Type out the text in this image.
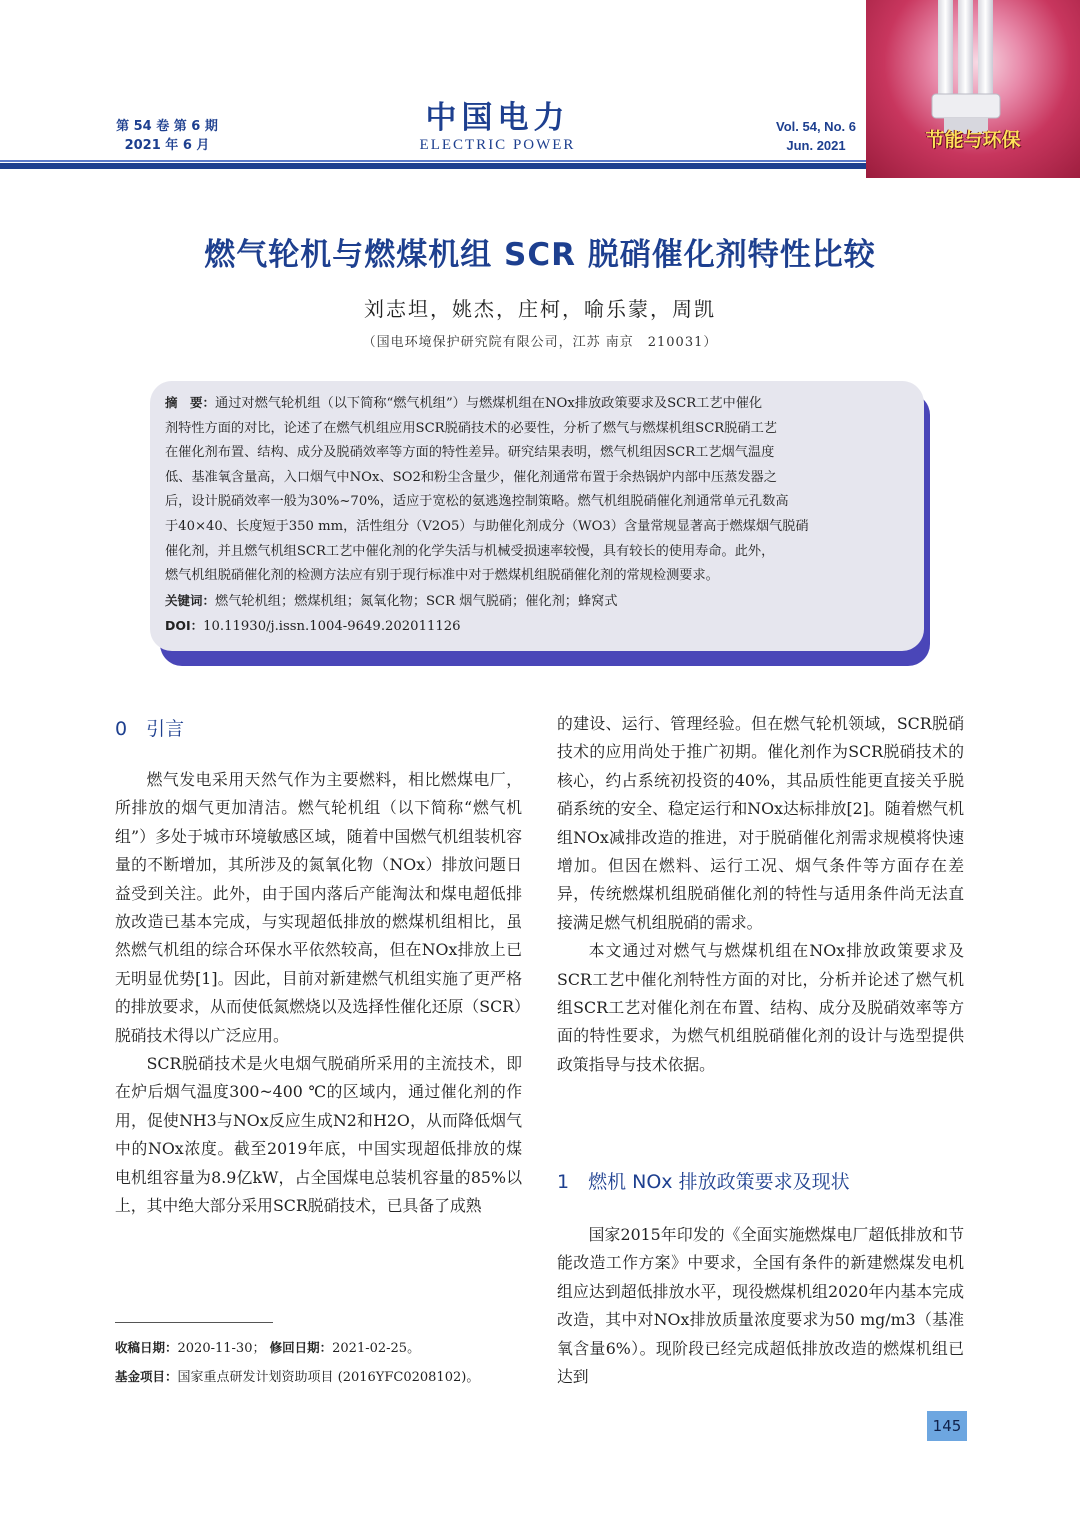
第 54 卷 第 6 期
2021 年 6 月
中国电力
ELECTRIC POWER
Vol. 54, No. 6
Jun. 2021	节能与环保
燃气轮机与燃煤机组 SCR 脱硝催化剂特性比较
刘志坦，姚杰，庄柯，喻乐蒙，周凯
（国电环境保护研究院有限公司，江苏 南京　210031）
摘　要：通过对燃气轮机组（以下简称“燃气机组”）与燃煤机组在NOx排放政策要求及SCR工艺中催化
剂特性方面的对比，论述了在燃气机组应用SCR脱硝技术的必要性，分析了燃气与燃煤机组SCR脱硝工艺
在催化剂布置、结构、成分及脱硝效率等方面的特性差异。研究结果表明，燃气机组因SCR工艺烟气温度
低、基准氧含量高，入口烟气中NOx、SO2和粉尘含量少，催化剂通常布置于余热锅炉内部中压蒸发器之
后，设计脱硝效率一般为30%~70%，适应于宽松的氨逃逸控制策略。燃气机组脱硝催化剂通常单元孔数高
于40×40、长度短于350 mm，活性组分（V2O5）与助催化剂成分（WO3）含量常规显著高于燃煤烟气脱硝
催化剂，并且燃气机组SCR工艺中催化剂的化学失活与机械受损速率较慢，具有较长的使用寿命。此外，
燃气机组脱硝催化剂的检测方法应有别于现行标准中对于燃煤机组脱硝催化剂的常规检测要求。
关键词：燃气轮机组；燃煤机组；氮氧化物；SCR 烟气脱硝；催化剂；蜂窝式
DOI：10.11930/j.issn.1004-9649.202011126
0　引言
1　燃机 NOx 排放政策要求及现状

燃气发电采用天然气作为主要燃料，相比燃煤电厂，所排放的烟气更加清洁。燃气轮机组（以下简称“燃气机组”）多处于城市环境敏感区域，随着中国燃气机组装机容量的不断增加，其所涉及的氮氧化物（NOx）排放问题日益受到关注。此外，由于国内落后产能淘汰和煤电超低排放改造已基本完成，与实现超低排放的燃煤机组相比，虽然燃气机组的综合环保水平依然较高，但在NOx排放上已无明显优势[1]。因此，目前对新建燃气机组实施了更严格的排放要求，从而使低氮燃烧以及选择性催化还原（SCR）脱硝技术得以广泛应用。

SCR脱硝技术是火电烟气脱硝所采用的主流技术，即在炉后烟气温度300~400 ℃的区域内，通过催化剂的作用，促使NH3与NOx反应生成N2和H2O，从而降低烟气中的NOx浓度。截至2019年底，中国实现超低排放的煤电机组容量为8.9亿kW，占全国煤电总装机容量的85%以上，其中绝大部分采用SCR脱硝技术，已具备了成熟

的建设、运行、管理经验。但在燃气轮机领域，SCR脱硝技术的应用尚处于推广初期。催化剂作为SCR脱硝技术的核心，约占系统初投资的40%，其品质性能更直接关乎脱硝系统的安全、稳定运行和NOx达标排放[2]。随着燃气机组NOx减排改造的推进，对于脱硝催化剂需求规模将快速增加。但因在燃料、运行工况、烟气条件等方面存在差异，传统燃煤机组脱硝催化剂的特性与适用条件尚无法直接满足燃气机组脱硝的需求。

本文通过对燃气与燃煤机组在NOx排放政策要求及SCR工艺中催化剂特性方面的对比，分析并论述了燃气机组SCR工艺对催化剂在布置、结构、成分及脱硝效率等方面的特性要求，为燃气机组脱硝催化剂的设计与选型提供政策指导与技术依据。

国家2015年印发的《全面实施燃煤电厂超低排放和节能改造工作方案》中要求，全国有条件的新建燃煤发电机组应达到超低排放水平，现役燃煤机组2020年内基本完成改造，其中对NOx排放质量浓度要求为50 mg/m3（基准氧含量6%）。现阶段已经完成超低排放改造的燃煤机组已达到

收稿日期：2020-11-30； 修回日期：2021-02-25。
基金项目：国家重点研发计划资助项目 (2016YFC0208102)。
145
